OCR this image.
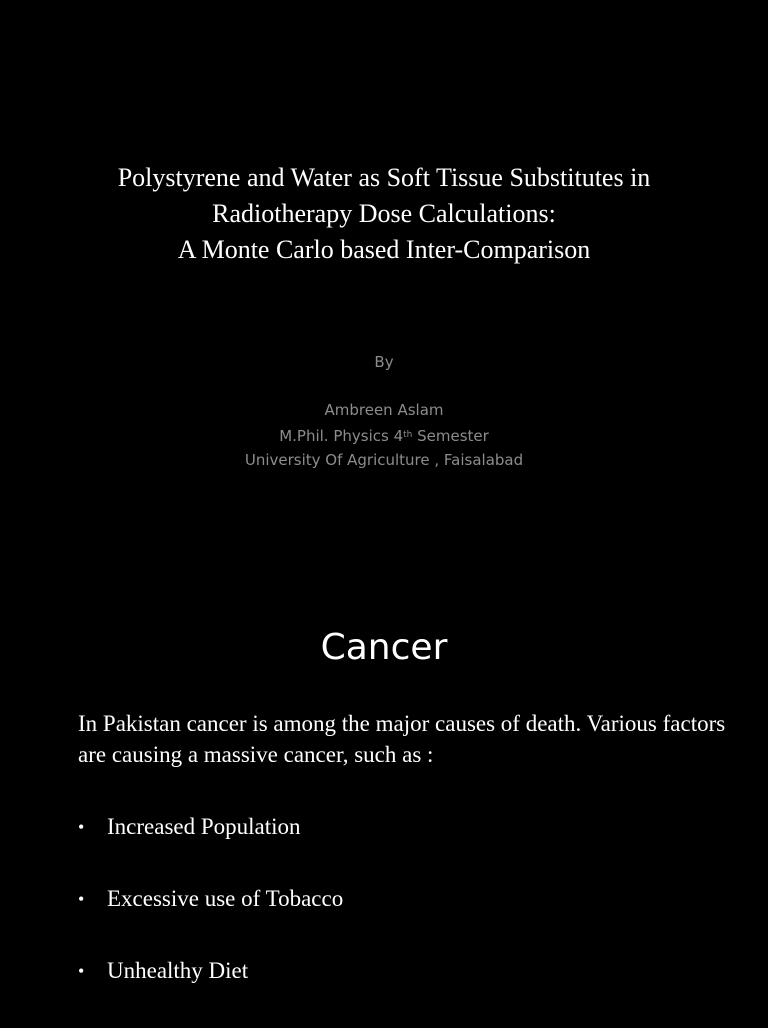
Polystyrene and Water as Soft Tissue Substitutes in
Radiotherapy Dose Calculations:
A Monte Carlo based Inter-Comparison
By
Ambreen Aslam
M.Phil. Physics 4th Semester
University Of Agriculture , Faisalabad
Cancer
In Pakistan cancer is among the major causes of death. Various factors are causing a massive cancer, such as :
• Increased Population
• Excessive use of Tobacco
• Unhealthy Diet
